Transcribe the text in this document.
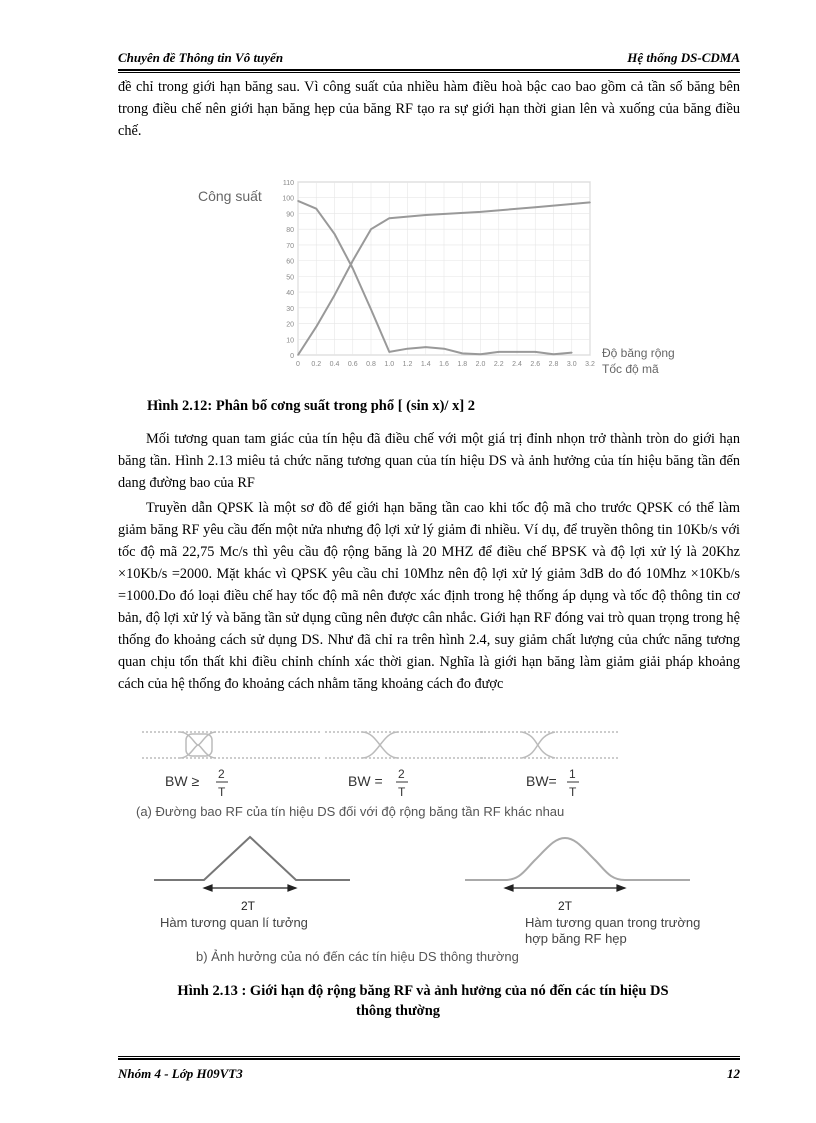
Chuyên đề Thông tin Vô tuyến	Hệ thống DS-CDMA

đề chỉ trong giới hạn băng sau. Vì công suất của nhiều hàm điều hoà bậc cao bao gồm cả tần số băng bên trong điều chế nên giới hạn băng hẹp của băng RF tạo ra sự giới hạn thời gian lên và xuống của băng điều chế.

Công suất
110
100
90
80
70
60
50
40
30
20
10
0
0 0.2 0.4 0.6 0.8 1.0 1.2 1.4 1.6 1.8 2.0 2.2 2.4 2.6 2.8 3.0 3.2
Độ băng rộng
Tốc độ mã
Hình 2.12: Phân bố cơng suất trong phổ [ (sin x)/ x] 2

Mối tương quan tam giác của tín hệu đã điều chế với một giá trị đỉnh nhọn trở thành tròn do giới hạn băng tần. Hình 2.13 miêu tả chức năng tương quan của tín hiệu DS và ảnh hưởng của tín hiệu băng tần đến dang đường bao của RF

Truyền dẫn QPSK là một sơ đồ để giới hạn băng tần cao khi tốc độ mã cho trước QPSK có thể làm giảm băng RF yêu cầu đến một nửa nhưng độ lợi xử lý giảm đi nhiều. Ví dụ, để truyền thông tin 10Kb/s với tốc độ mã 22,75 Mc/s thì yêu cầu độ rộng băng là 20 MHZ để điều chế BPSK và độ lợi xử lý là 20Khz ×10Kb/s =2000. Mặt khác vì QPSK yêu cầu chỉ 10Mhz nên độ lợi xử lý giảm 3dB do đó 10Mhz ×10Kb/s =1000.Do đó loại điều chế hay tốc độ mã nên được xác định trong hệ thống áp dụng và tốc độ thông tin cơ bản, độ lợi xử lý và băng tần sử dụng cũng nên được cân nhắc. Giới hạn RF đóng vai trò quan trọng trong hệ thống đo khoảng cách sử dụng DS. Như đã chỉ ra trên hình 2.4, suy giảm chất lượng của chức năng tương quan chịu tổn thất khi điều chỉnh chính xác thời gian. Nghĩa là giới hạn băng làm giảm giải pháp khoảng cách của hệ thống đo khoảng cách nhằm tăng khoảng cách đo được

BW ≥ 2
T
BW = 2
T
BW= 1
T
(a) Đường bao RF của tín hiệu DS đối với độ rộng băng tần RF khác nhau
2T
Hàm tương quan lí tưởng
2T
Hàm tương quan trong trường
hợp băng RF hẹp
b) Ảnh hưởng của nó đến các tín hiệu DS thông thường
Hình 2.13 : Giới hạn độ rộng băng RF và ảnh hưởng của nó đến các tín hiệu DS
thông thường
Nhóm 4 - Lớp H09VT3	12
